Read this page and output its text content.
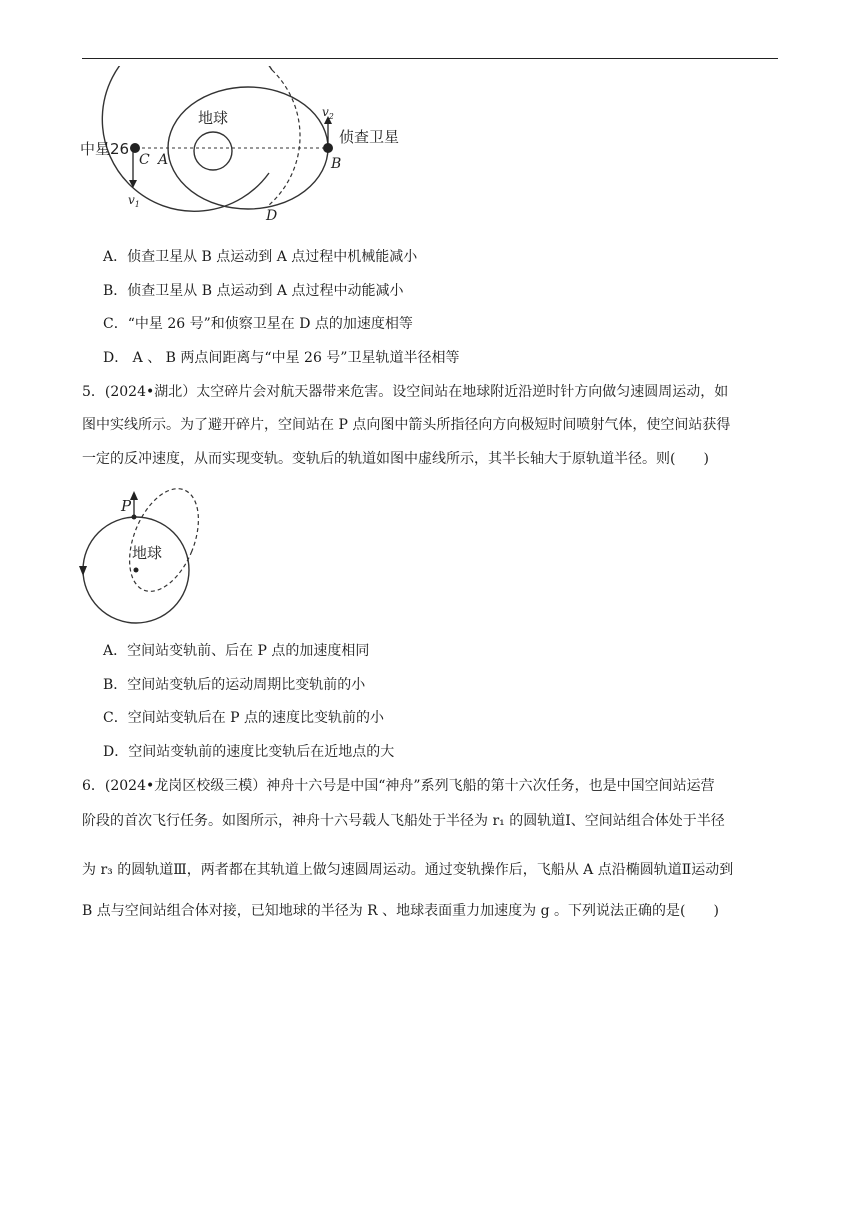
地球
中星26
侦查卫星
C A	B
D
$v_1$
$v_2$
A．侦查卫星从 B 点运动到 A 点过程中机械能减小
B．侦查卫星从 B 点运动到 A 点过程中动能减小
C．“中星 26 号”和侦察卫星在 D 点的加速度相等
D． A 、 B 两点间距离与“中星 26 号”卫星轨道半径相等
5．(2024•湖北）太空碎片会对航天器带来危害。设空间站在地球附近沿逆时针方向做匀速圆周运动，如
图中实线所示。为了避开碎片，空间站在 P 点向图中箭头所指径向方向极短时间喷射气体，使空间站获得
一定的反冲速度，从而实现变轨。变轨后的轨道如图中虚线所示，其半长轴大于原轨道半径。则(　　)
P
地球
A．空间站变轨前、后在 P 点的加速度相同
B．空间站变轨后的运动周期比变轨前的小
C．空间站变轨后在 P 点的速度比变轨前的小
D．空间站变轨前的速度比变轨后在近地点的大
6．(2024•龙岗区校级三模）神舟十六号是中国“神舟”系列飞船的第十六次任务，也是中国空间站运营
阶段的首次飞行任务。如图所示，神舟十六号载人飞船处于半径为 r₁ 的圆轨道Ⅰ、空间站组合体处于半径
为 r₃ 的圆轨道Ⅲ，两者都在其轨道上做匀速圆周运动。通过变轨操作后，飞船从 A 点沿椭圆轨道Ⅱ运动到
B 点与空间站组合体对接，已知地球的半径为 R 、地球表面重力加速度为 g 。下列说法正确的是(　　)
